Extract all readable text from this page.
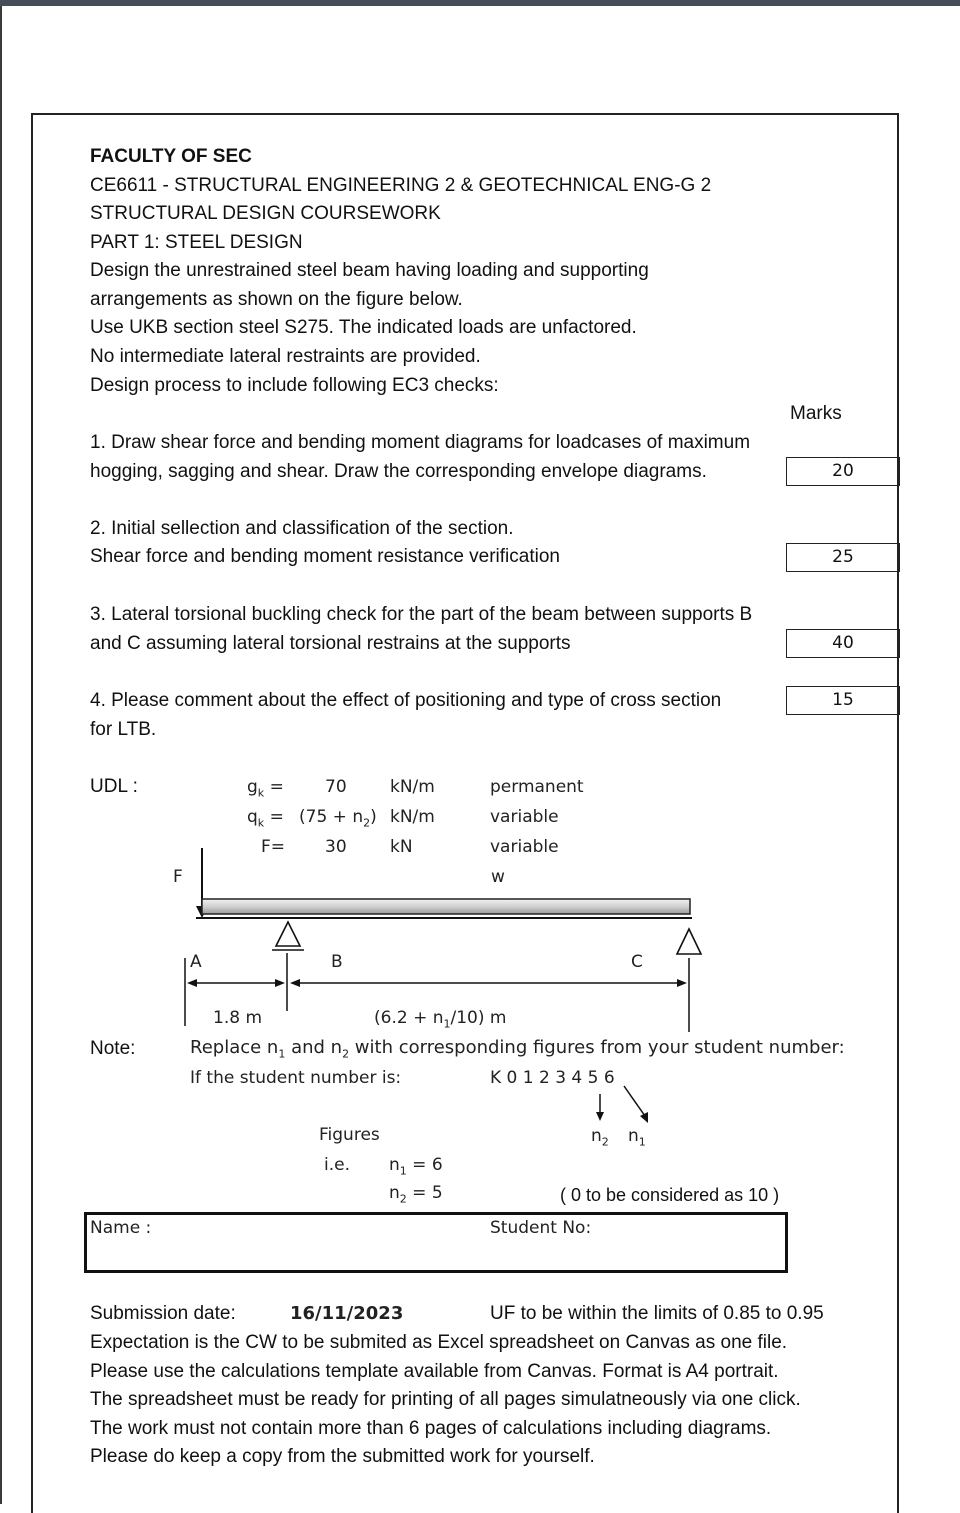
FACULTY OF SEC
CE6611 - STRUCTURAL ENGINEERING 2 & GEOTECHNICAL ENG-G 2
STRUCTURAL DESIGN COURSEWORK
PART 1: STEEL DESIGN
Design the unrestrained steel beam having loading and supporting
arrangements as shown on the figure below.
Use UKB section steel S275. The indicated loads are unfactored.
No intermediate lateral restraints are provided.
Design process to include following EC3 checks:
Marks
1. Draw shear force and bending moment diagrams for loadcases of maximum
hogging, sagging and shear. Draw the corresponding envelope diagrams.	20
2. Initial sellection and classification of the section.
Shear force and bending moment resistance verification	25
3. Lateral torsional buckling check for the part of the beam between supports B
and C assuming lateral torsional restrains at the supports	40
4. Please comment about the effect of positioning and type of cross section
for LTB.
15
UDL :	$g_k = 70$	kN/m	permanent
$q_k = (75 + n_2)$ kN/m	variable
F= 30	kN	variable
F	w
A	B	C
1.8 m	$(6.2 + n_1/10)$ m
Note:	Replace $n_1$ and $n_2$ with corresponding figures from your student number:
If the student number is:	K 0 1 2 3 4 5 6
$n_2$ $n_1$
Figures
i.e. $n_1 = 6$
$n_2 = 5$	( 0 to be considered as 10 )
Name :	Student No:
Submission date:	16/11/2023	UF to be within the limits of 0.85 to 0.95
Expectation is the CW to be submited as Excel spreadsheet on Canvas as one file.
Please use the calculations template available from Canvas. Format is A4 portrait.
The spreadsheet must be ready for printing of all pages simulatneously via one click.
The work must not contain more than 6 pages of calculations including diagrams.
Please do keep a copy from the submitted work for yourself.
